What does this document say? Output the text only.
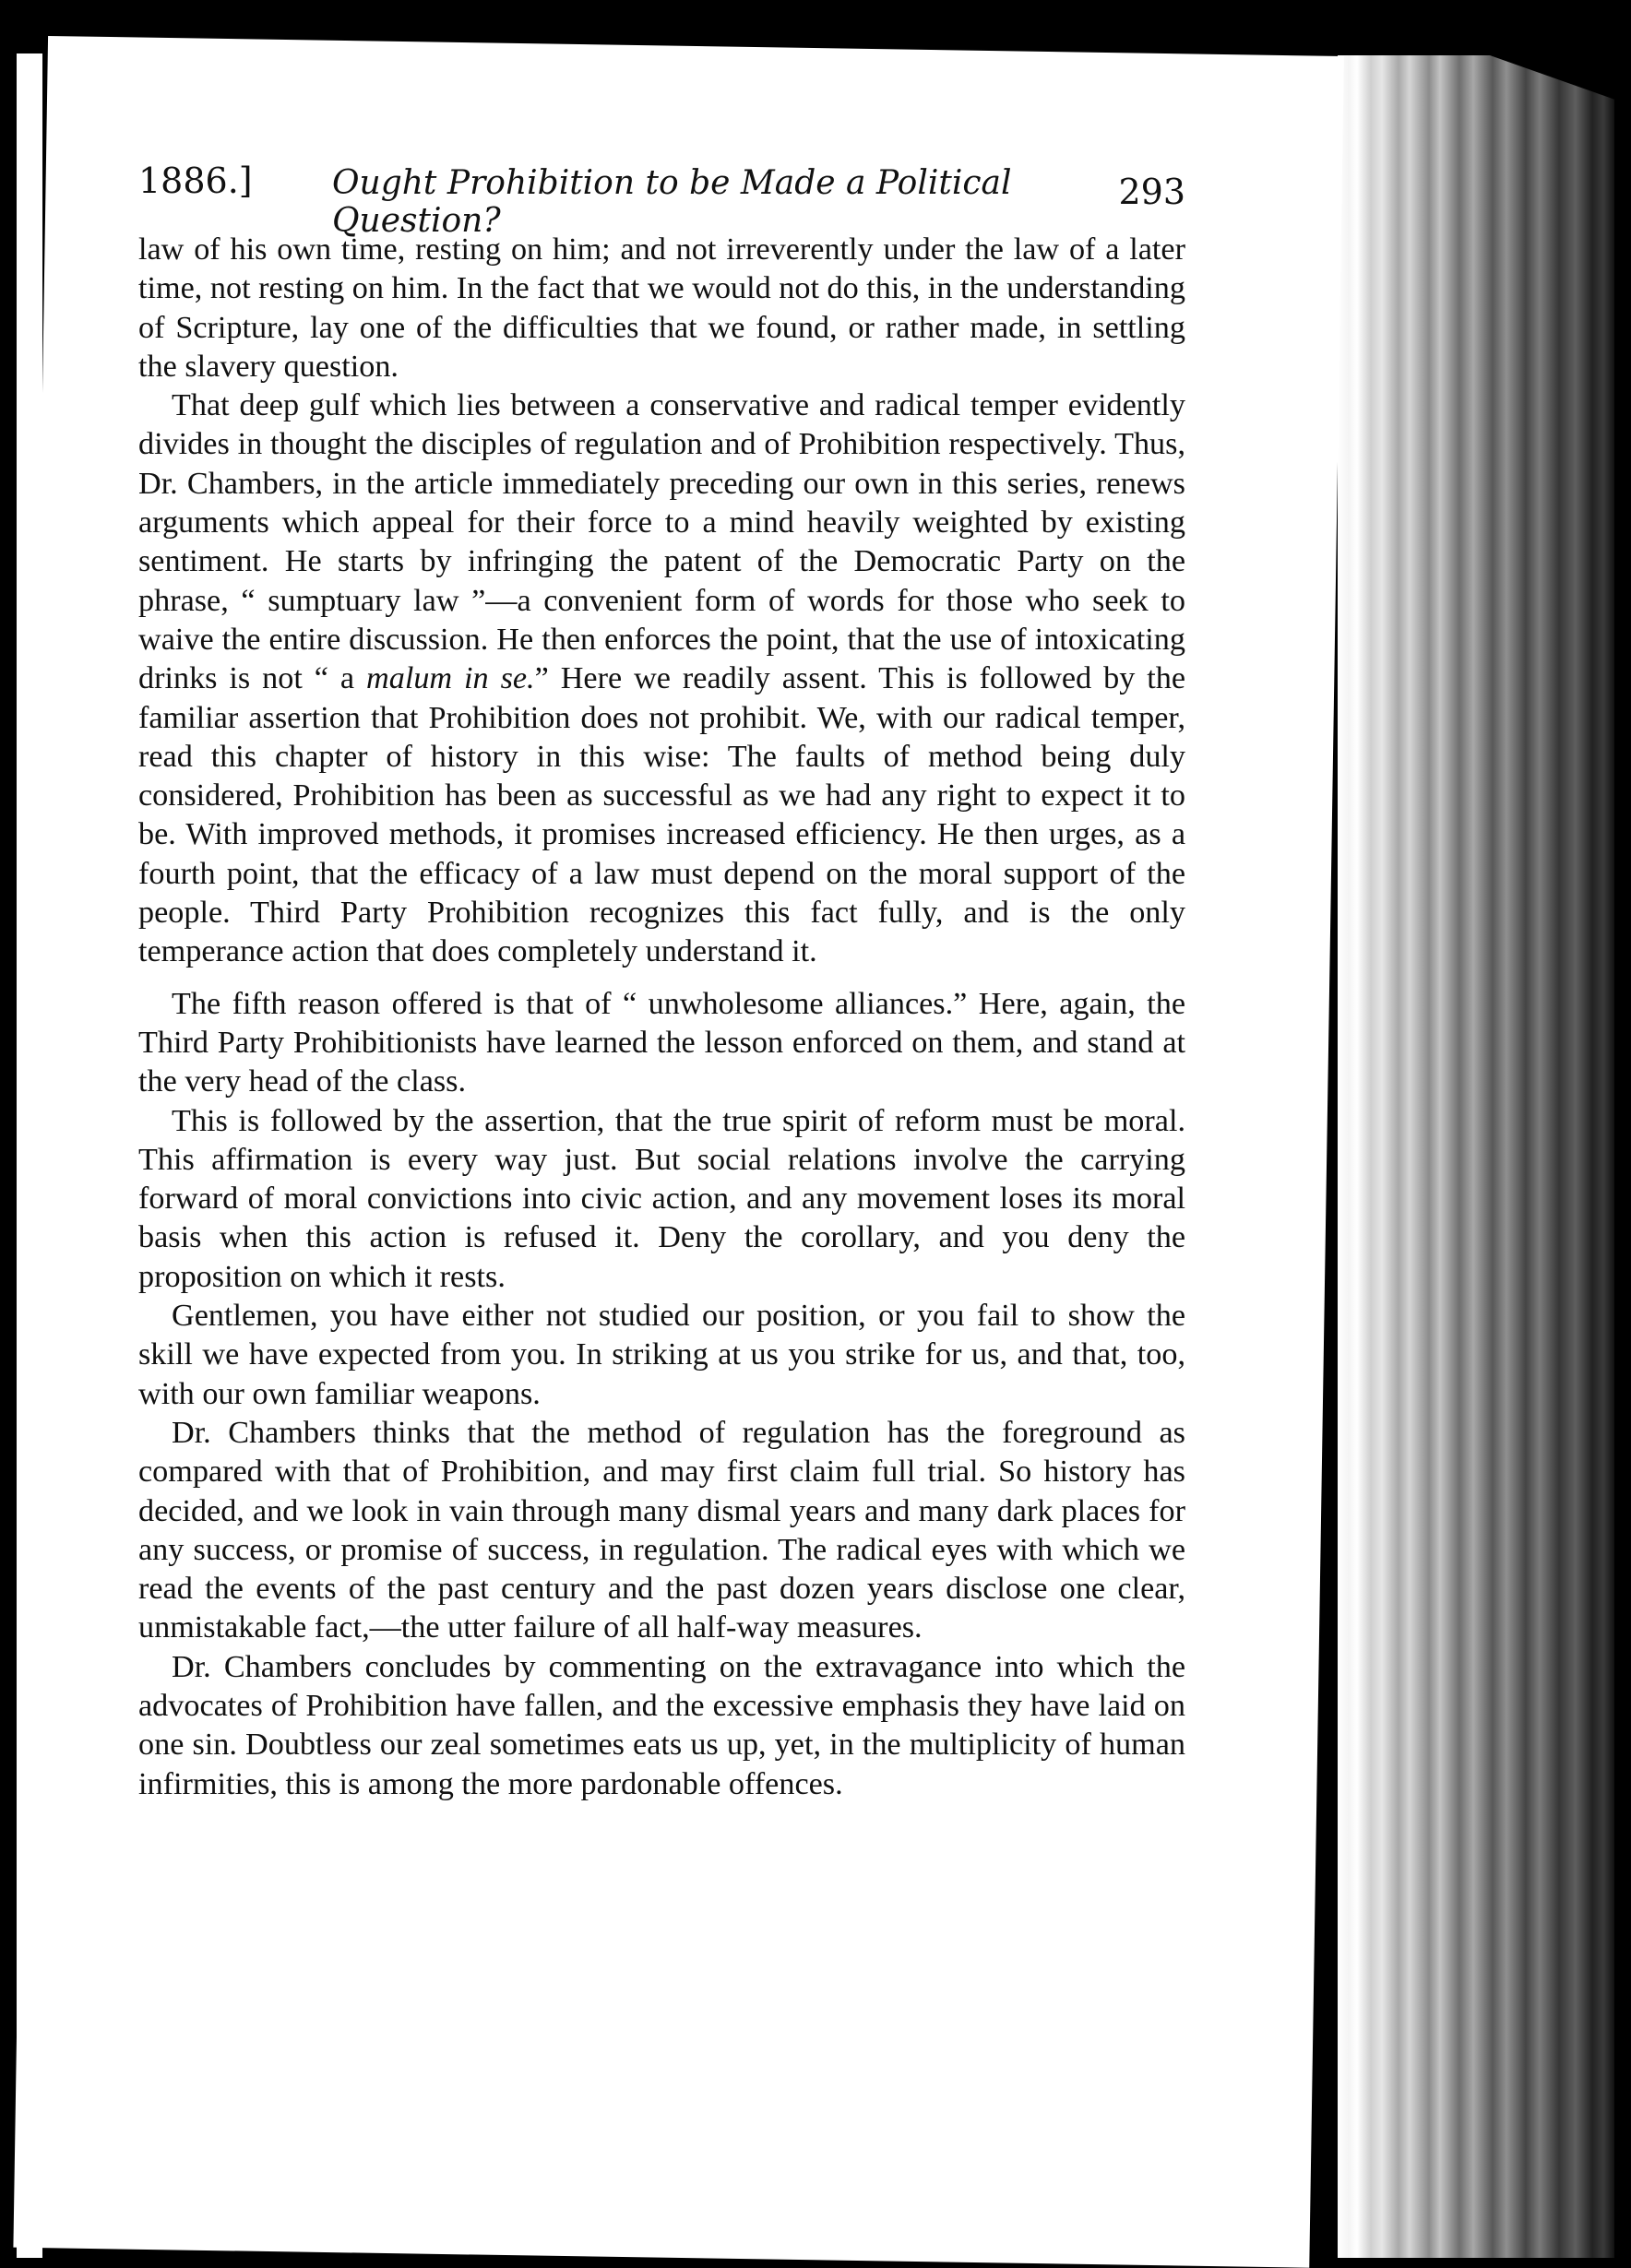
1886.] Ought Prohibition to be Made a Political Question?
293

law of his own time, resting on him; and not irreverently under the law of a later time, not resting on him. In the fact that we would not do this, in the understanding of Scripture, lay one of the difficulties that we found, or rather made, in settling the slavery question.

That deep gulf which lies between a conservative and radical temper evidently divides in thought the disciples of regulation and of Prohibition respectively. Thus, Dr. Chambers, in the article immediately preceding our own in this series, renews arguments which appeal for their force to a mind heavily weighted by existing sentiment. He starts by infringing the patent of the Democratic Party on the phrase, “ sumptuary law ”—a convenient form of words for those who seek to waive the entire discussion. He then enforces the point, that the use of intoxicating drinks is not “ a malum in se.” Here we readily assent. This is followed by the familiar assertion that Prohibition does not prohibit. We, with our radical temper, read this chapter of history in this wise: The faults of method being duly considered, Prohibition has been as successful as we had any right to expect it to be. With improved methods, it promises increased efficiency. He then urges, as a fourth point, that the efficacy of a law must depend on the moral support of the people. Third Party Prohibition recognizes this fact fully, and is the only temperance action that does completely understand it.

The fifth reason offered is that of “ unwholesome alliances.” Here, again, the Third Party Prohibitionists have learned the lesson enforced on them, and stand at the very head of the class.

This is followed by the assertion, that the true spirit of reform must be moral. This affirmation is every way just. But social relations involve the carrying forward of moral convictions into civic action, and any movement loses its moral basis when this action is refused it. Deny the corollary, and you deny the proposition on which it rests.

Gentlemen, you have either not studied our position, or you fail to show the skill we have expected from you. In striking at us you strike for us, and that, too, with our own familiar weapons.

Dr. Chambers thinks that the method of regulation has the foreground as compared with that of Prohibition, and may first claim full trial. So history has decided, and we look in vain through many dismal years and many dark places for any success, or promise of success, in regulation. The radical eyes with which we read the events of the past century and the past dozen years disclose one clear, unmistakable fact,—the utter failure of all half-way measures.

Dr. Chambers concludes by commenting on the extravagance into which the advocates of Prohibition have fallen, and the excessive emphasis they have laid on one sin. Doubtless our zeal sometimes eats us up, yet, in the multiplicity of human infirmities, this is among the more pardonable offences.
